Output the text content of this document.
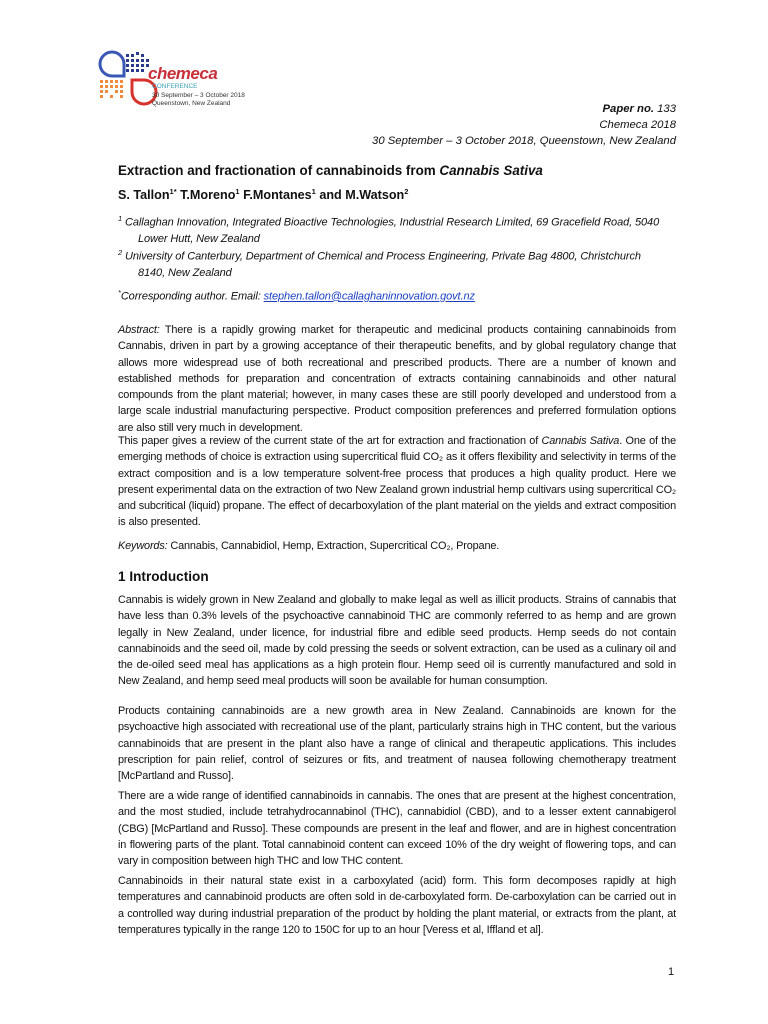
chemeca
CONFERENCE
30 September – 3 October 2018
Queenstown, New Zealand	Paper no. 133
Chemeca 2018
30 September – 3 October 2018, Queenstown, New Zealand
Extraction and fractionation of cannabinoids from Cannabis Sativa
S. Tallon$^{1*}$ T.Moreno$^1$ F.Montanes$^1$ and M.Watson$^2$
$^1$ Callaghan Innovation, Integrated Bioactive Technologies, Industrial Research Limited, 69 Gracefield Road, 5040
Lower Hutt, New Zealand
$^2$ University of Canterbury, Department of Chemical and Process Engineering, Private Bag 4800, Christchurch
8140, New Zealand
*Corresponding author. Email: stephen.tallon@callaghaninnovation.govt.nz

Abstract: There is a rapidly growing market for therapeutic and medicinal products containing cannabinoids from Cannabis, driven in part by a growing acceptance of their therapeutic benefits, and by global regulatory change that allows more widespread use of both recreational and prescribed products. There are a number of known and established methods for preparation and concentration of extracts containing cannabinoids and other natural compounds from the plant material; however, in many cases these are still poorly developed and understood from a large scale industrial manufacturing perspective. Product composition preferences and preferred formulation options are also still very much in development.

This paper gives a review of the current state of the art for extraction and fractionation of Cannabis Sativa. One of the emerging methods of choice is extraction using supercritical fluid CO₂ as it offers flexibility and selectivity in terms of the extract composition and is a low temperature solvent-free process that produces a high quality product. Here we present experimental data on the extraction of two New Zealand grown industrial hemp cultivars using supercritical CO₂ and subcritical (liquid) propane. The effect of decarboxylation of the plant material on the yields and extract composition is also presented.

Keywords: Cannabis, Cannabidiol, Hemp, Extraction, Supercritical CO₂, Propane.

1 Introduction

Cannabis is widely grown in New Zealand and globally to make legal as well as illicit products. Strains of cannabis that have less than 0.3% levels of the psychoactive cannabinoid THC are commonly referred to as hemp and are grown legally in New Zealand, under licence, for industrial fibre and edible seed products. Hemp seeds do not contain cannabinoids and the seed oil, made by cold pressing the seeds or solvent extraction, can be used as a culinary oil and the de-oiled seed meal has applications as a high protein flour. Hemp seed oil is currently manufactured and sold in New Zealand, and hemp seed meal products will soon be available for human consumption.

Products containing cannabinoids are a new growth area in New Zealand. Cannabinoids are known for the psychoactive high associated with recreational use of the plant, particularly strains high in THC content, but the various cannabinoids that are present in the plant also have a range of clinical and therapeutic applications. This includes prescription for pain relief, control of seizures or fits, and treatment of nausea following chemotherapy treatment [McPartland and Russo].

There are a wide range of identified cannabinoids in cannabis. The ones that are present at the highest concentration, and the most studied, include tetrahydrocannabinol (THC), cannabidiol (CBD), and to a lesser extent cannabigerol (CBG) [McPartland and Russo]. These compounds are present in the leaf and flower, and are in highest concentration in flowering parts of the plant. Total cannabinoid content can exceed 10% of the dry weight of flowering tops, and can vary in composition between high THC and low THC content.

Cannabinoids in their natural state exist in a carboxylated (acid) form. This form decomposes rapidly at high temperatures and cannabinoid products are often sold in de-carboxylated form. De-carboxylation can be carried out in a controlled way during industrial preparation of the product by holding the plant material, or extracts from the plant, at temperatures typically in the range 120 to 150C for up to an hour [Veress et al, Iffland et al].

1
